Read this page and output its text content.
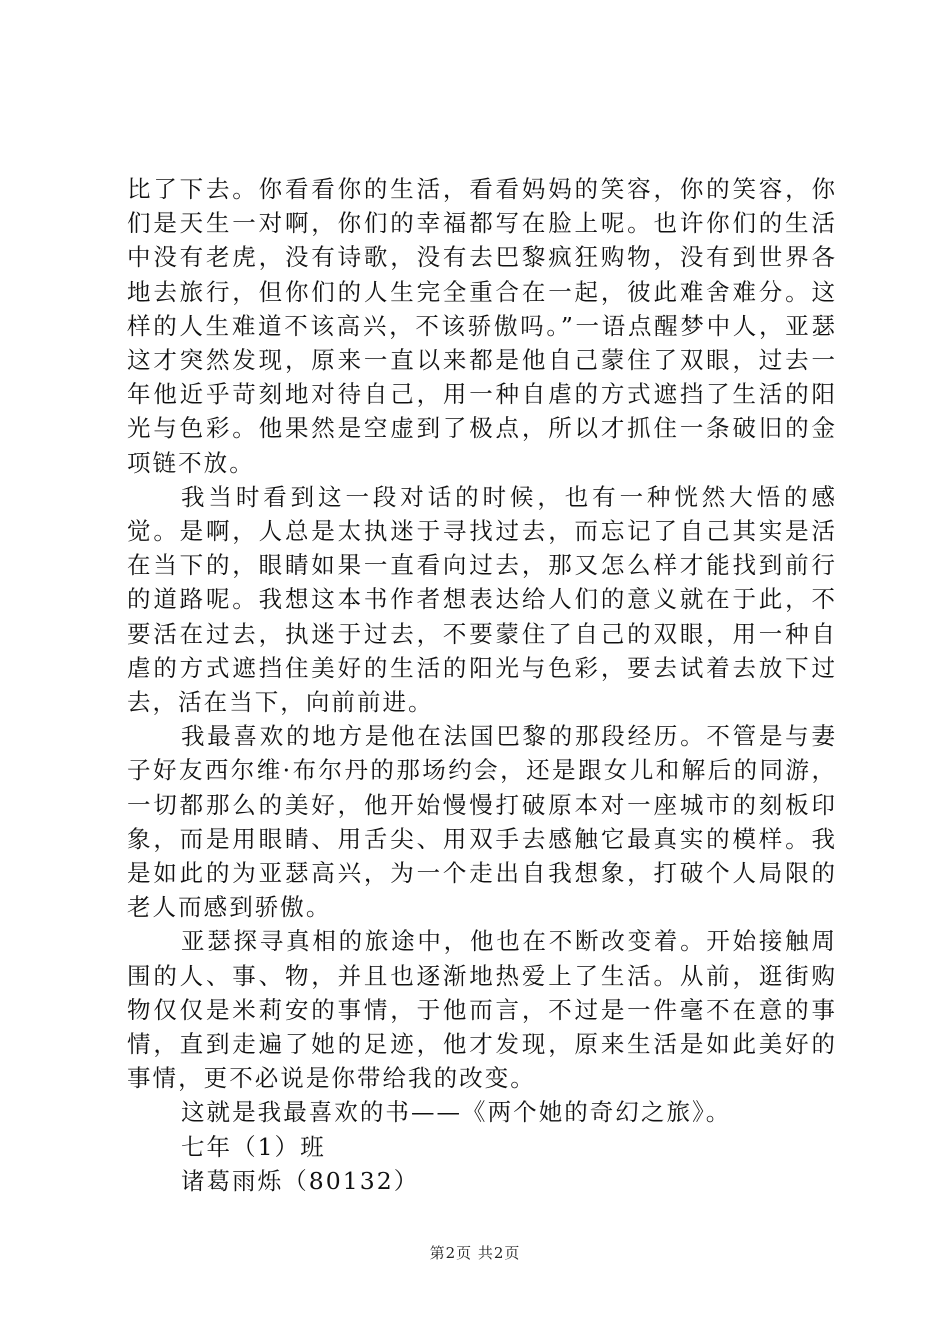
比了下去。你看看你的生活，看看妈妈的笑容，你的笑容，你们是天生一对啊，你们的幸福都写在脸上呢。也许你们的生活中没有老虎，没有诗歌，没有去巴黎疯狂购物，没有到世界各地去旅行，但你们的人生完全重合在一起，彼此难舍难分。这样的人生难道不该高兴，不该骄傲吗。”一语点醒梦中人，亚瑟这才突然发现，原来一直以来都是他自己蒙住了双眼，过去一年他近乎苛刻地对待自己，用一种自虐的方式遮挡了生活的阳光与色彩。他果然是空虚到了极点，所以才抓住一条破旧的金项链不放。

我当时看到这一段对话的时候，也有一种恍然大悟的感觉。是啊，人总是太执迷于寻找过去，而忘记了自己其实是活在当下的，眼睛如果一直看向过去，那又怎么样才能找到前行的道路呢。我想这本书作者想表达给人们的意义就在于此，不要活在过去，执迷于过去，不要蒙住了自己的双眼，用一种自虐的方式遮挡住美好的生活的阳光与色彩，要去试着去放下过去，活在当下，向前前进。

我最喜欢的地方是他在法国巴黎的那段经历。不管是与妻子好友西尔维·布尔丹的那场约会，还是跟女儿和解后的同游，一切都那么的美好，他开始慢慢打破原本对一座城市的刻板印象，而是用眼睛、用舌尖、用双手去感触它最真实的模样。我是如此的为亚瑟高兴，为一个走出自我想象，打破个人局限的老人而感到骄傲。

亚瑟探寻真相的旅途中，他也在不断改变着。开始接触周围的人、事、物，并且也逐渐地热爱上了生活。从前，逛街购物仅仅是米莉安的事情，于他而言，不过是一件毫不在意的事情，直到走遍了她的足迹，他才发现，原来生活是如此美好的事情，更不必说是你带给我的改变。

这就是我最喜欢的书——《两个她的奇幻之旅》。

七年（1）班

诸葛雨烁（80132）

第2页 共2页
